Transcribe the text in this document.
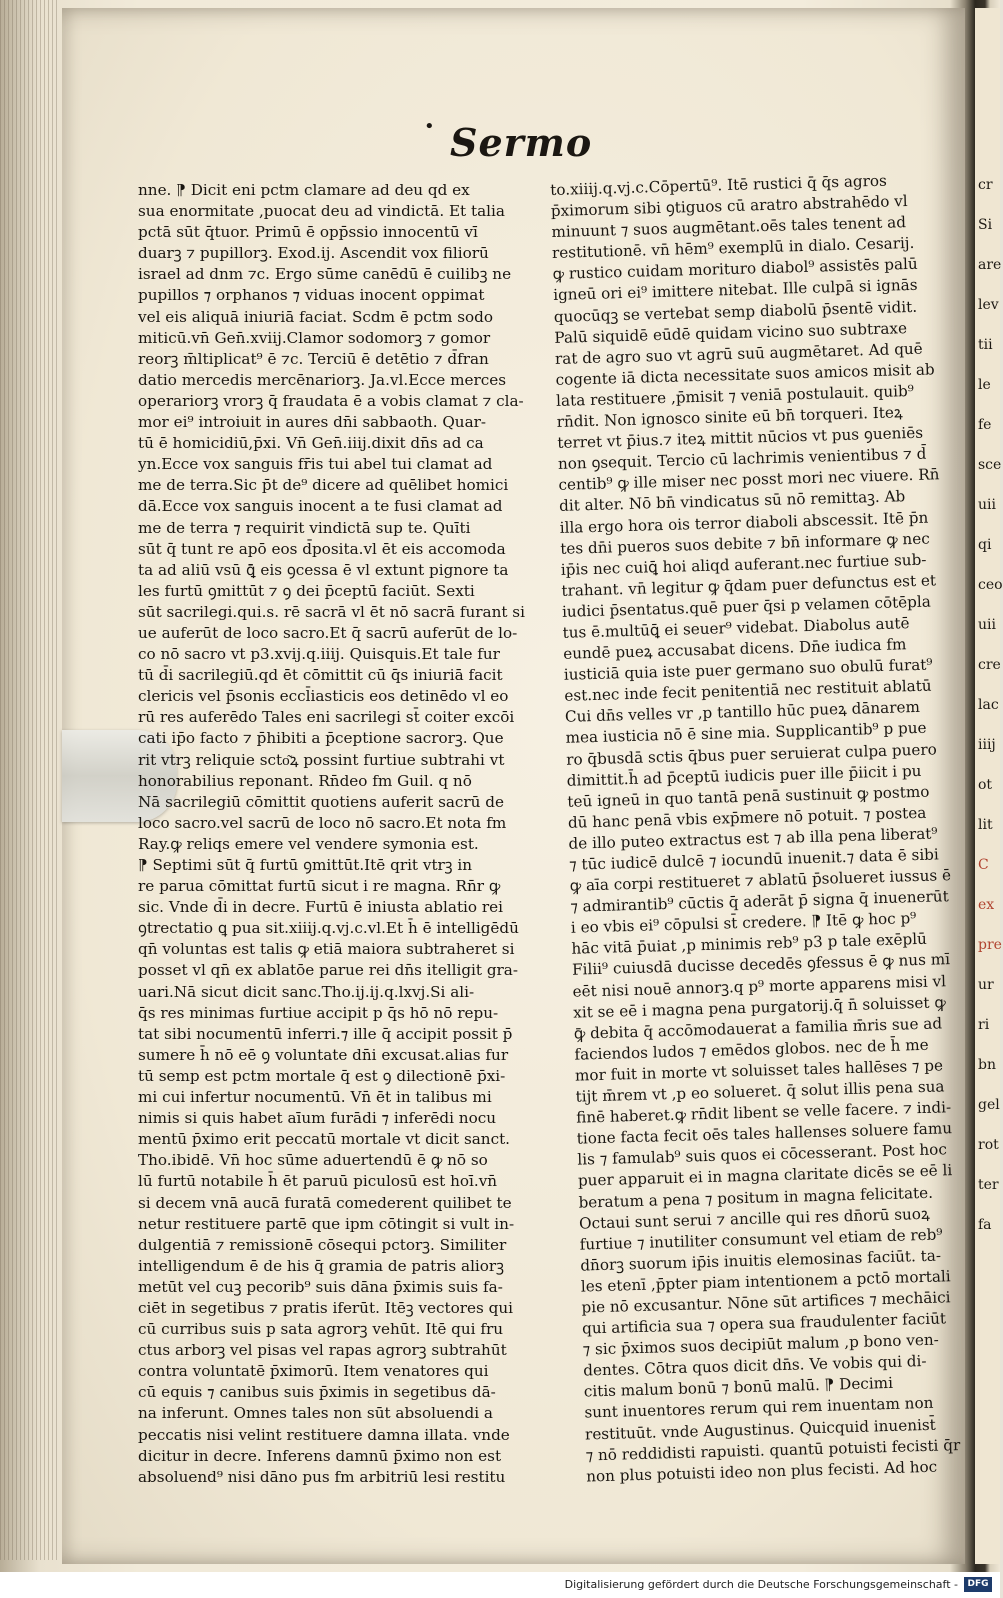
• Sermo
nne. ⁋ Dicit eni pctm clamare ad deu qd ex
sua enormitate ,puocat deu ad vindictā. Et talia
pctā sūt q̄tuor. Primū ē opp̄ssio innocentū vī
duarꝫ ⁊ pupillorꝫ. Exod.ij. Ascendit vox filiorū
israel ad dnm ⁊c. Ergo sūme canēdū ē cuilibꝫ ne
pupillos ⁊ orphanos ⁊ viduas inocent oppimat
vel eis aliquā iniuriā faciat. Scdm ē pctm sodo
miticū.vn̄ Gen̄.xviij.Clamor sodomorꝫ ⁊ gomor
reorꝫ m̄ltiplicat⁹ ē ⁊c. Terciū ē detētio ⁊ d̄fran
datio mercedis mercēnariorꝫ. Ja.vl.Ecce merces
operariorꝫ vrorꝫ q̄ fraudata ē a vobis clamat ⁊ cla-
mor ei⁹ introiuit in aures dn̄i sabbaoth. Quar-
tū ē homicidiū,p̄xi. Vn̄ Gen̄.iiij.dixit dn̄s ad ca
yn.Ecce vox sanguis fr̄is tui abel tui clamat ad
me de terra.Sic p̄t de⁹ dicere ad quēlibet homici
dā.Ecce vox sanguis inocent a te fusi clamat ad
me de terra ⁊ requirit vindictā sup te. Quīti
sūt q̄ tunt re apō eos d̄posita.vl ēt eis accomoda
ta ad aliū vsū ꝗ̄ eis ꝯcessa ē vl extunt pignore ta
les furtū ꝯmittūt ⁊ ꝯ dei p̄ceptū faciūt. Sexti
sūt sacrilegi.qui.s. rē sacrā vl ēt nō sacrā furant si
ue auferūt de loco sacro.Et q̄ sacrū auferūt de lo-
co nō sacro vt p3.xvij.q.iiij. Quisquis.Et tale fur
tū d̄i sacrilegiū.qd ēt cōmittit cū q̄s iniuriā facit
clericis vel p̄sonis eccl̄iasticis eos detinēdo vl eo
rū res auferēdo Tales eni sacrilegi st̄ coiter excōi
cati ip̄o facto ⁊ p̄hibiti a p̄ceptione sacrorꝫ. Que
rit vtrꝫ reliquie scto͂ꝝ possint furtiue subtrahi vt
honorabilius reponant. Rn̄deo fm Guil. q nō
Nā sacrilegiū cōmittit quotiens auferit sacrū de
loco sacro.vel sacrū de loco nō sacro.Et nota fm
Ray.ꝙ reliqs emere vel vendere symonia est.
⁋ Septimi sūt q̄ furtū ꝯmittūt.Itē qrit vtrꝫ in
re parua cōmittat furtū sicut i re magna. Rn̄r ꝙ
sic. Vnde d̄i in decre. Furtū ē iniusta ablatio rei
ꝯtrectatio ꝗ pua sit.xiiij.q.vj.c.vl.Et h̄ ē intelligēdū
qn̄ voluntas est talis ꝙ etiā maiora subtraheret si
posset vl qn̄ ex ablatōe parue rei dn̄s itelligit gra-
uari.Nā sicut dicit sanc.Tho.ij.ij.q.lxvj.Si ali-
q̄s res minimas furtiue accipit p q̄s hō nō repu-
tat sibi nocumentū inferri.⁊ ille q̄ accipit possit p̄
sumere h̄ nō eē ꝯ voluntate dn̄i excusat.alias fur
tū semp est pctm mortale q̄ est ꝯ dilectionē p̄xi-
mi cui infertur nocumentū. Vn̄ ēt in talibus mi
nimis si quis habet aīum furādi ⁊ inferēdi nocu
mentū p̄ximo erit peccatū mortale vt dicit sanct.
Tho.ibidē. Vn̄ hoc sūme aduertendū ē ꝙ nō so
lū furtū notabile h̄ ēt paruū piculosū est hoī.vn̄
si decem vnā aucā furatā comederent quilibet te
netur restituere partē que ipm cōtingit si vult in-
dulgentiā ⁊ remissionē cōsequi pctorꝫ. Similiter
intelligendum ē de his q̄ gramia de patris aliorꝫ
metūt vel cuꝫ pecorib⁹ suis dāna p̄ximis suis fa-
ciēt in segetibus ⁊ pratis iferūt. Itēꝫ vectores qui
cū curribus suis p sata agrorꝫ vehūt. Itē qui fru
ctus arborꝫ vel pisas vel rapas agrorꝫ subtrahūt
contra voluntatē p̄ximorū. Item venatores qui
cū equis ⁊ canibus suis p̄ximis in segetibus dā-
na inferunt. Omnes tales non sūt absoluendi a
peccatis nisi velint restituere damna illata. vnde
dicitur in decre. Inferens damnū p̄ximo non est
absoluend⁹ nisi dāno pus fm arbitriū lesi restitu
to.xiiij.q.vj.c.Cōpertū⁹. Itē rustici q̄ q̄s agros
p̄ximorum sibi ꝯtiguos cū aratro abstrahēdo vl
minuunt ⁊ suos augmētant.oēs tales tenent ad
restitutionē. vn̄ hēm⁹ exemplū in dialo. Cesarij.
ꝙ rustico cuidam morituro diabol⁹ assistēs palū
igneū ori ei⁹ imittere nitebat. Ille culpā si ignās
quocūqꝫ se vertebat semp diabolū p̄sentē vidit.
Palū siquidē eūdē quidam vicino suo subtraxe
rat de agro suo vt agrū suū augmētaret. Ad quē
cogente iā dicta necessitate suos amicos misit ab
lata restituere ,p̄misit ⁊ veniā postulauit. quib⁹
rn̄dit. Non ignosco sinite eū bn̄ torqueri. Iteꝝ
terret vt p̄ius.⁊ iteꝝ mittit nūcios vt pus ꝯueniēs
non ꝯsequit. Tercio cū lachrimis venientibus ⁊ d̄
centib⁹ ꝙ ille miser nec posst mori nec viuere. Rn̄
dit alter. Nō bn̄ vindicatus sū nō remittaꝫ. Ab
illa ergo hora ois terror diaboli abscessit. Itē p̄n
tes dn̄i pueros suos debite ⁊ bn̄ informare ꝙ nec
ip̄is nec cuiꝗ̄ hoi aliqd auferant.nec furtiue sub-
trahant. vn̄ legitur ꝙ q̄dam puer defunctus est et
iudici p̄sentatus.quē puer q̄si p velamen cōtēpla
tus ē.multūꝗ̄ ei seuer⁹ videbat. Diabolus autē
eundē pueꝝ accusabat dicens. Dn̄e iudica fm
iusticiā quia iste puer germano suo obulū furat⁹
est.nec inde fecit penitentiā nec restituit ablatū
Cui dn̄s velles vr ,p tantillo hūc pueꝝ dānarem
mea iusticia nō ē sine mia. Supplicantib⁹ p pue
ro q̄busdā sctis q̄bus puer seruierat culpa puero
dimittit.h̄ ad p̄ceptū iudicis puer ille p̄iicit i pu
teū igneū in quo tantā penā sustinuit ꝙ postmo
dū hanc penā vbis exp̄mere nō potuit. ⁊ postea
de illo puteo extractus est ⁊ ab illa pena liberat⁹
⁊ tūc iudicē dulcē ⁊ iocundū inuenit.⁊ data ē sibi
ꝙ aīa corpi restitueret ⁊ ablatū p̄solueret iussus ē
⁊ admirantib⁹ cūctis q̄ aderāt p̄ signa q̄ inuenerūt
i eo vbis ei⁹ cōpulsi st̄ credere. ⁋ Itē ꝙ hoc p⁹
hāc vitā p̄uiat ,p minimis reb⁹ p3 p tale exēplū
Filii⁹ cuiusdā ducisse decedēs ꝯfessus ē ꝙ nus mī
eēt nisi nouē annorꝫ.q p⁹ morte apparens misi vl
xit se eē i magna pena purgatorij.q̄ n̄ soluisset ꝙ
ꝙ̄ debita q̄ accōmodauerat a familia m̄ris sue ad
faciendos ludos ⁊ emēdos globos. nec de h̄ me
mor fuit in morte vt soluisset tales hallēses ⁊ pe
tijt m̄rem vt ,p eo solueret. q̄ solut illis pena sua
finē haberet.ꝙ rn̄dit libent se velle facere. ⁊ indi-
tione facta fecit oēs tales hallenses soluere famu
lis ⁊ famulab⁹ suis quos ei cōcesserant. Post hoc
puer apparuit ei in magna claritate dicēs se eē li
beratum a pena ⁊ positum in magna felicitate.
Octaui sunt serui ⁊ ancille qui res dn̄orū suoꝝ
furtiue ⁊ inutiliter consumunt vel etiam de reb⁹
dn̄orꝫ suorum ip̄is inuitis elemosinas faciūt. ta-
les etenī ,p̄pter piam intentionem a pctō mortali
pie nō excusantur. Nōne sūt artifices ⁊ mechāici
qui artificia sua ⁊ opera sua fraudulenter faciūt
⁊ sic p̄ximos suos decipiūt malum ,p bono ven-
dentes. Cōtra quos dicit dn̄s. Ve vobis qui di-
citis malum bonū ⁊ bonū malū. ⁋ Decimi
sunt inuentores rerum qui rem inuentam non
restituūt. vnde Augustinus. Quicquid inuenist̄
⁊ nō reddidisti rapuisti. quantū potuisti fecisti q̄r
non plus potuisti ideo non plus fecisti. Ad hoc
cr
Si
are
lev
tii
le
fe
sce
uii
qi
ceo
uii
cre
lac
iiij
ot
lit
C
ex
pre
ur
ri
bn
gel
rot
ter
fa
Digitalisierung gefördert durch die Deutsche Forschungsgemeinschaft -	DFG
